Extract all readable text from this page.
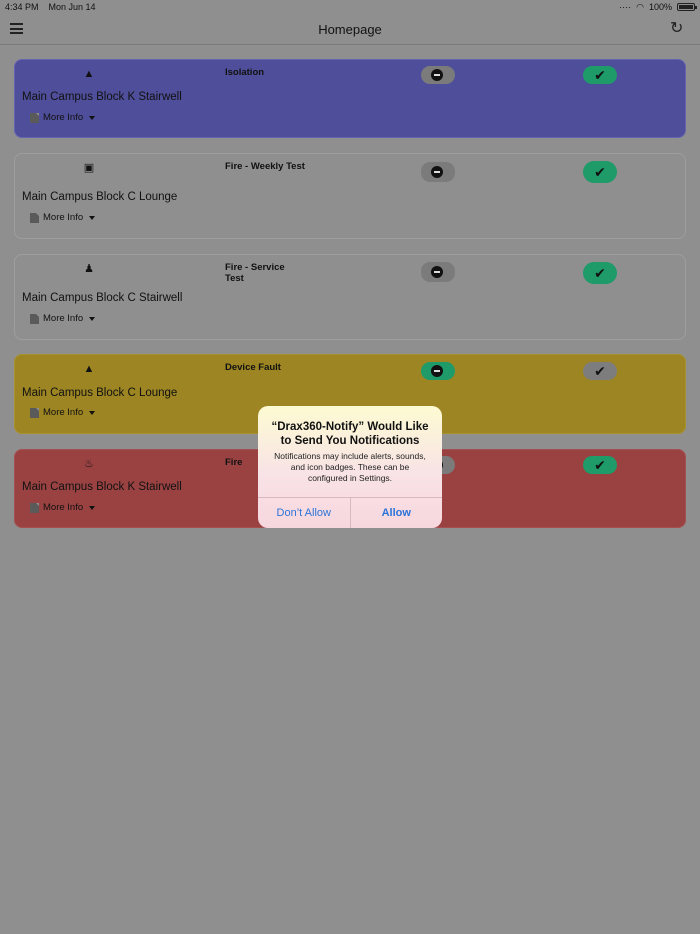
4:34 PM Mon Jun 14	···· ◠ 100%
Homepage	↻
▲	Isolation	✔
Main Campus Block K Stairwell
More Info
▣	Fire - Weekly Test	✔
Main Campus Block C Lounge
More Info
♟	Fire - Service Test	✔
Main Campus Block C Stairwell
More Info
▲	Device Fault	✔
Main Campus Block C Lounge
More Info
♨	Fire	✔
Main Campus Block K Stairwell
More Info
“Drax360-Notify” Would Like to Send You Notifications
Notifications may include alerts, sounds, and icon badges. These can be configured in Settings.
Don’t Allow	Allow
